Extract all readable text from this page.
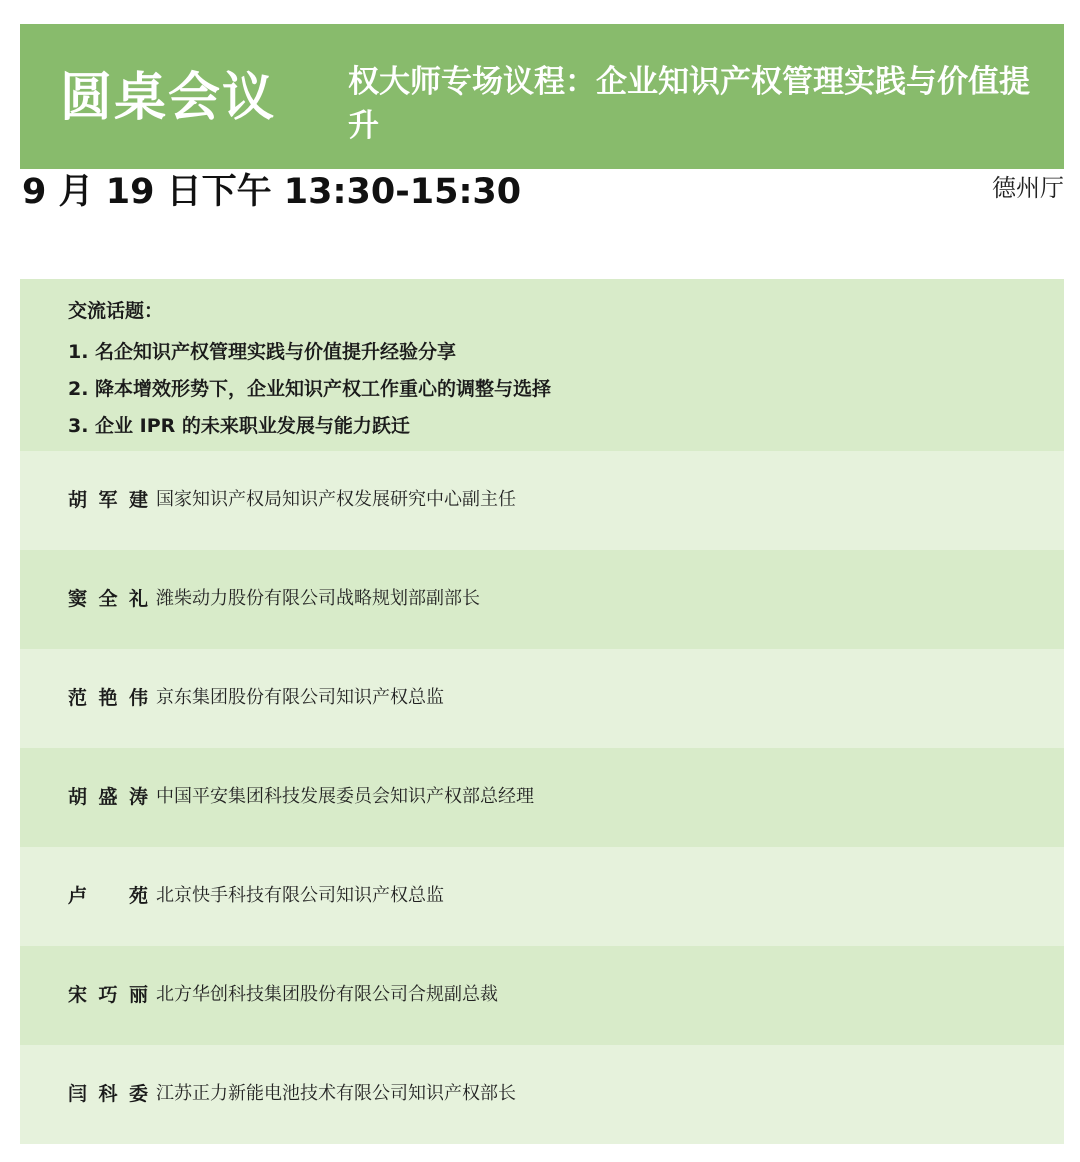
圆桌会议 权大师专场议程：企业知识产权管理实践与价值提升
9 月 19 日下午 13:30-15:30	德州厅
交流话题：
1. 名企知识产权管理实践与价值提升经验分享
2. 降本增效形势下，企业知识产权工作重心的调整与选择
3. 企业 IPR 的未来职业发展与能力跃迁
胡军建 国家知识产权局知识产权发展研究中心副主任
窦全礼 潍柴动力股份有限公司战略规划部副部长
范艳伟 京东集团股份有限公司知识产权总监
胡盛涛 中国平安集团科技发展委员会知识产权部总经理
卢苑 北京快手科技有限公司知识产权总监
宋巧丽 北方华创科技集团股份有限公司合规副总裁
闫科委 江苏正力新能电池技术有限公司知识产权部长
